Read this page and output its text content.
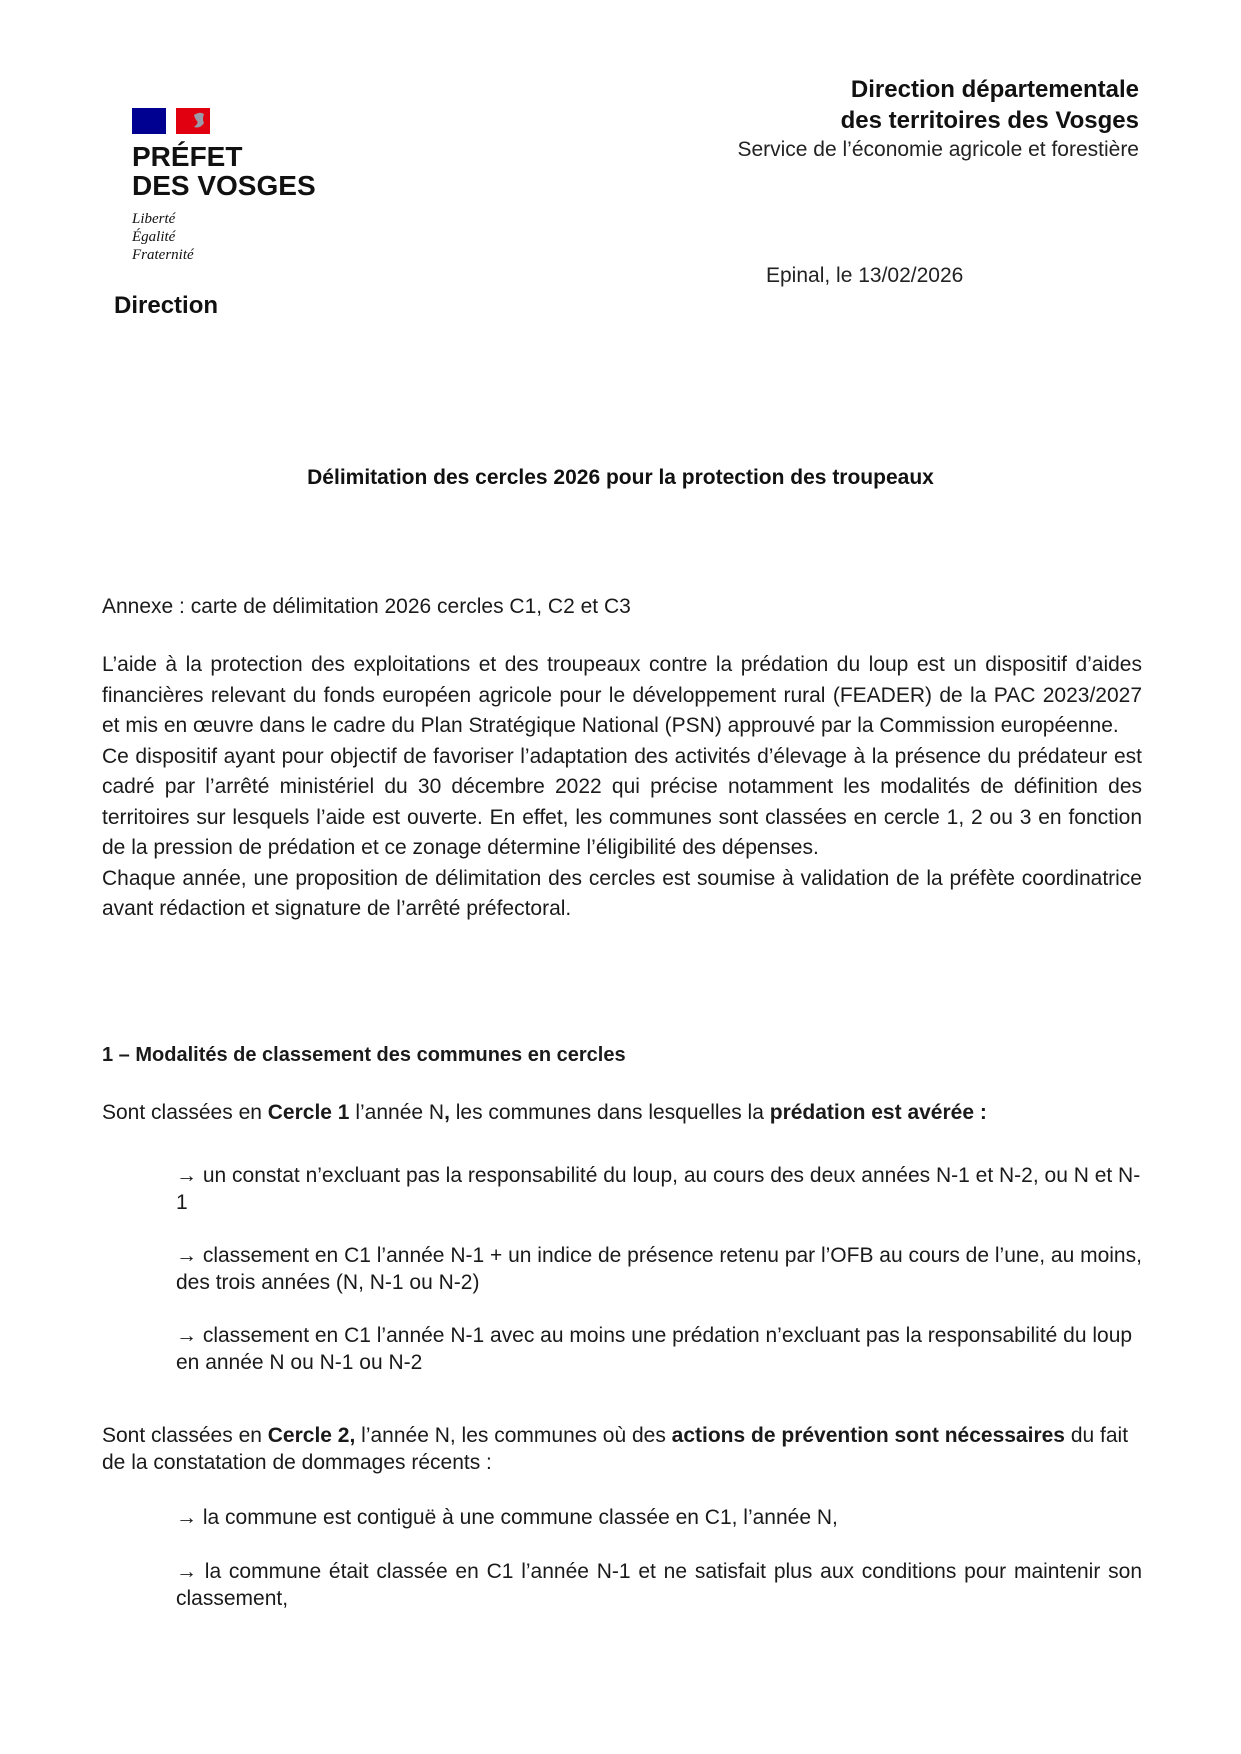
PRÉFET
DES VOSGES
Liberté
Égalité
Fraternité
Direction
Direction départementale
des territoires des Vosges
Service de l’économie agricole et forestière
Epinal, le 13/02/2026
Délimitation des cercles 2026 pour la protection des troupeaux
Annexe : carte de délimitation 2026 cercles C1, C2 et C3

L’aide à la protection des exploitations et des troupeaux contre la prédation du loup est un dispositif d’aides financières relevant du fonds européen agricole pour le développement rural (FEADER) de la PAC 2023/2027 et mis en œuvre dans le cadre du Plan Stratégique National (PSN) approuvé par la Commission européenne.

Ce dispositif ayant pour objectif de favoriser l’adaptation des activités d’élevage à la présence du prédateur est cadré par l’arrêté ministériel du 30 décembre 2022 qui précise notamment les modalités de définition des territoires sur lesquels l’aide est ouverte. En effet, les communes sont classées en cercle 1, 2 ou 3 en fonction de la pression de prédation et ce zonage détermine l’éligibilité des dépenses.

Chaque année, une proposition de délimitation des cercles est soumise à validation de la préfète coordinatrice avant rédaction et signature de l’arrêté préfectoral.

1 – Modalités de classement des communes en cercles
Sont classées en Cercle 1 l’année N, les communes dans lesquelles la prédation est avérée :
→ un constat n’excluant pas la responsabilité du loup, au cours des deux années N-1 et N-2, ou N et N-1
→ classement en C1 l’année N-1 + un indice de présence retenu par l’OFB au cours de l’une, au moins, des trois années (N, N-1 ou N-2)
→ classement en C1 l’année N-1 avec au moins une prédation n’excluant pas la responsabilité du loup en année N ou N-1 ou N-2
Sont classées en Cercle 2, l’année N, les communes où des actions de prévention sont nécessaires du fait de la constatation de dommages récents :
→ la commune est contiguë à une commune classée en C1, l’année N,
→ la commune était classée en C1 l’année N-1 et ne satisfait plus aux conditions pour maintenir son classement,
